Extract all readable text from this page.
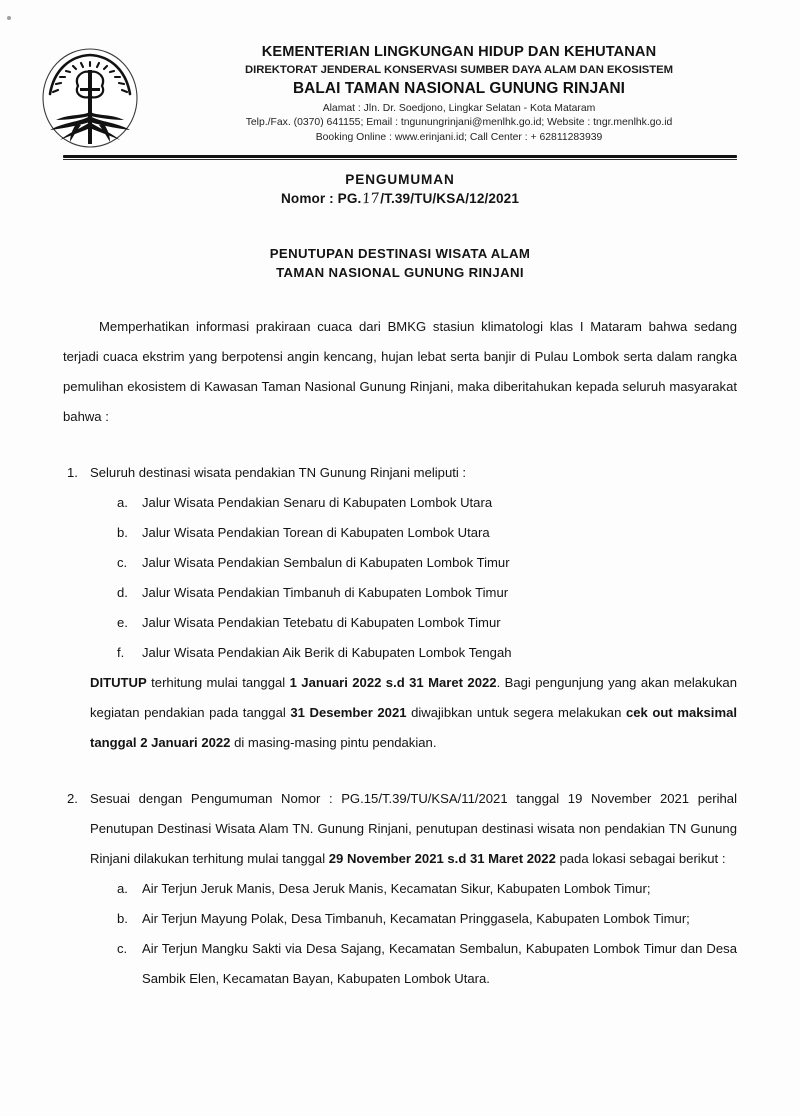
KEMENTERIAN LINGKUNGAN HIDUP DAN KEHUTANAN
DIREKTORAT JENDERAL KONSERVASI SUMBER DAYA ALAM DAN EKOSISTEM
BALAI TAMAN NASIONAL GUNUNG RINJANI
Alamat : Jln. Dr. Soedjono, Lingkar Selatan - Kota Mataram
Telp./Fax. (0370) 641155; Email : tngunungrinjani@menlhk.go.id; Website : tngr.menlhk.go.id
Booking Online : www.erinjani.id; Call Center : + 62811283939
PENGUMUMAN
Nomor : PG.17/T.39/TU/KSA/12/2021
PENUTUPAN DESTINASI WISATA ALAM
TAMAN NASIONAL GUNUNG RINJANI

Memperhatikan informasi prakiraan cuaca dari BMKG stasiun klimatologi klas I Mataram bahwa sedang terjadi cuaca ekstrim yang berpotensi angin kencang, hujan lebat serta banjir di Pulau Lombok serta dalam rangka pemulihan ekosistem di Kawasan Taman Nasional Gunung Rinjani, maka diberitahukan kepada seluruh masyarakat bahwa :

1. Seluruh destinasi wisata pendakian TN Gunung Rinjani meliputi :
a. Jalur Wisata Pendakian Senaru di Kabupaten Lombok Utara
b. Jalur Wisata Pendakian Torean di Kabupaten Lombok Utara
c. Jalur Wisata Pendakian Sembalun di Kabupaten Lombok Timur
d. Jalur Wisata Pendakian Timbanuh di Kabupaten Lombok Timur
e. Jalur Wisata Pendakian Tetebatu di Kabupaten Lombok Timur
f. Jalur Wisata Pendakian Aik Berik di Kabupaten Lombok Tengah

DITUTUP terhitung mulai tanggal 1 Januari 2022 s.d 31 Maret 2022. Bagi pengunjung yang akan melakukan kegiatan pendakian pada tanggal 31 Desember 2021 diwajibkan untuk segera melakukan cek out maksimal tanggal 2 Januari 2022 di masing-masing pintu pendakian.

2. Sesuai dengan Pengumuman Nomor : PG.15/T.39/TU/KSA/11/2021 tanggal 19 November 2021 perihal Penutupan Destinasi Wisata Alam TN. Gunung Rinjani, penutupan destinasi wisata non pendakian TN Gunung Rinjani dilakukan terhitung mulai tanggal 29 November 2021 s.d 31 Maret 2022 pada lokasi sebagai berikut :

a. Air Terjun Jeruk Manis, Desa Jeruk Manis, Kecamatan Sikur, Kabupaten Lombok Timur;
b. Air Terjun Mayung Polak, Desa Timbanuh, Kecamatan Pringgasela, Kabupaten Lombok Timur;
c. Air Terjun Mangku Sakti via Desa Sajang, Kecamatan Sembalun, Kabupaten Lombok Timur dan Desa Sambik Elen, Kecamatan Bayan, Kabupaten Lombok Utara.
